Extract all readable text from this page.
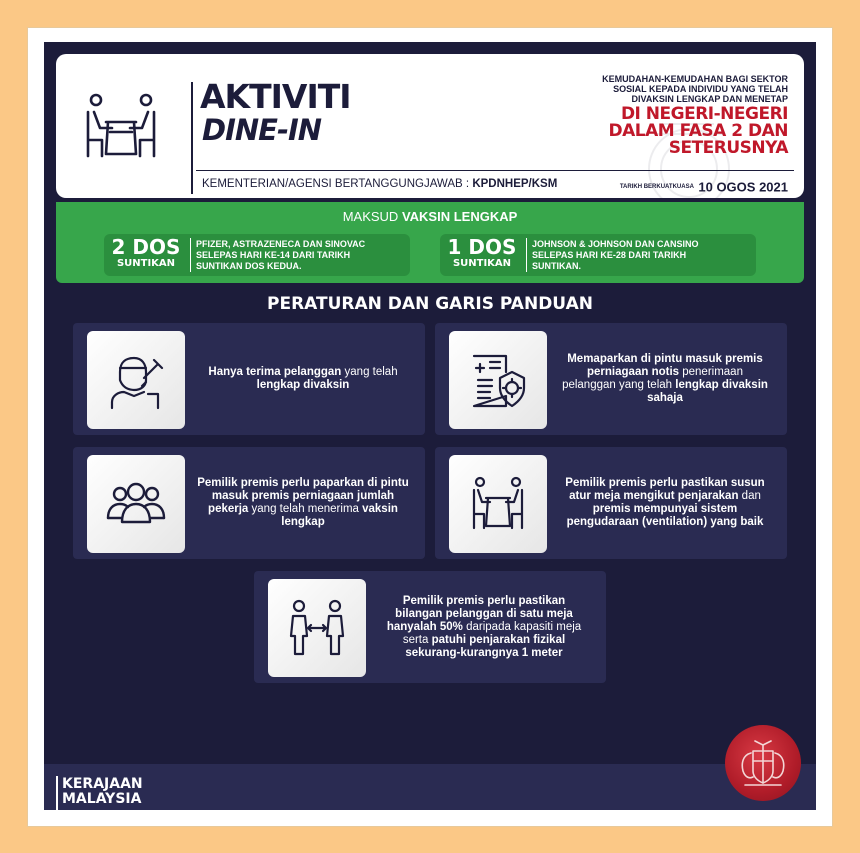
AKTIVITI
DINE-IN
KEMENTERIAN/AGENSI BERTANGGUNGJAWAB : KPDNHEP/KSM
KEMUDAHAN-KEMUDAHAN BAGI SEKTOR
SOSIAL KEPADA INDIVIDU YANG TELAH
DIVAKSIN LENGKAP DAN MENETAP
DI NEGERI-NEGERI
DALAM FASA 2 DAN
SETERUSNYA
TARIKH BERKUATKUASA 10 OGOS 2021
MAKSUD VAKSIN LENGKAP
2 DOS
SUNTIKAN
PFIZER, ASTRAZENECA DAN SINOVAC
SELEPAS HARI KE-14 DARI TARIKH
SUNTIKAN DOS KEDUA.
1 DOS
SUNTIKAN
JOHNSON & JOHNSON DAN CANSINO
SELEPAS HARI KE-28 DARI TARIKH
SUNTIKAN.
PERATURAN DAN GARIS PANDUAN
Hanya terima pelanggan yang telah lengkap divaksin
Memaparkan di pintu masuk premis perniagaan notis penerimaan pelanggan yang telah lengkap divaksin sahaja
Pemilik premis perlu paparkan di pintu masuk premis perniagaan jumlah pekerja yang telah menerima vaksin lengkap
Pemilik premis perlu pastikan susun atur meja mengikut penjarakan dan premis mempunyai sistem pengudaraan (ventilation) yang baik
Pemilik premis perlu pastikan bilangan pelanggan di satu meja hanyalah 50% daripada kapasiti meja serta patuhi penjarakan fizikal sekurang-kurangnya 1 meter
KERAJAAN
MALAYSIA
